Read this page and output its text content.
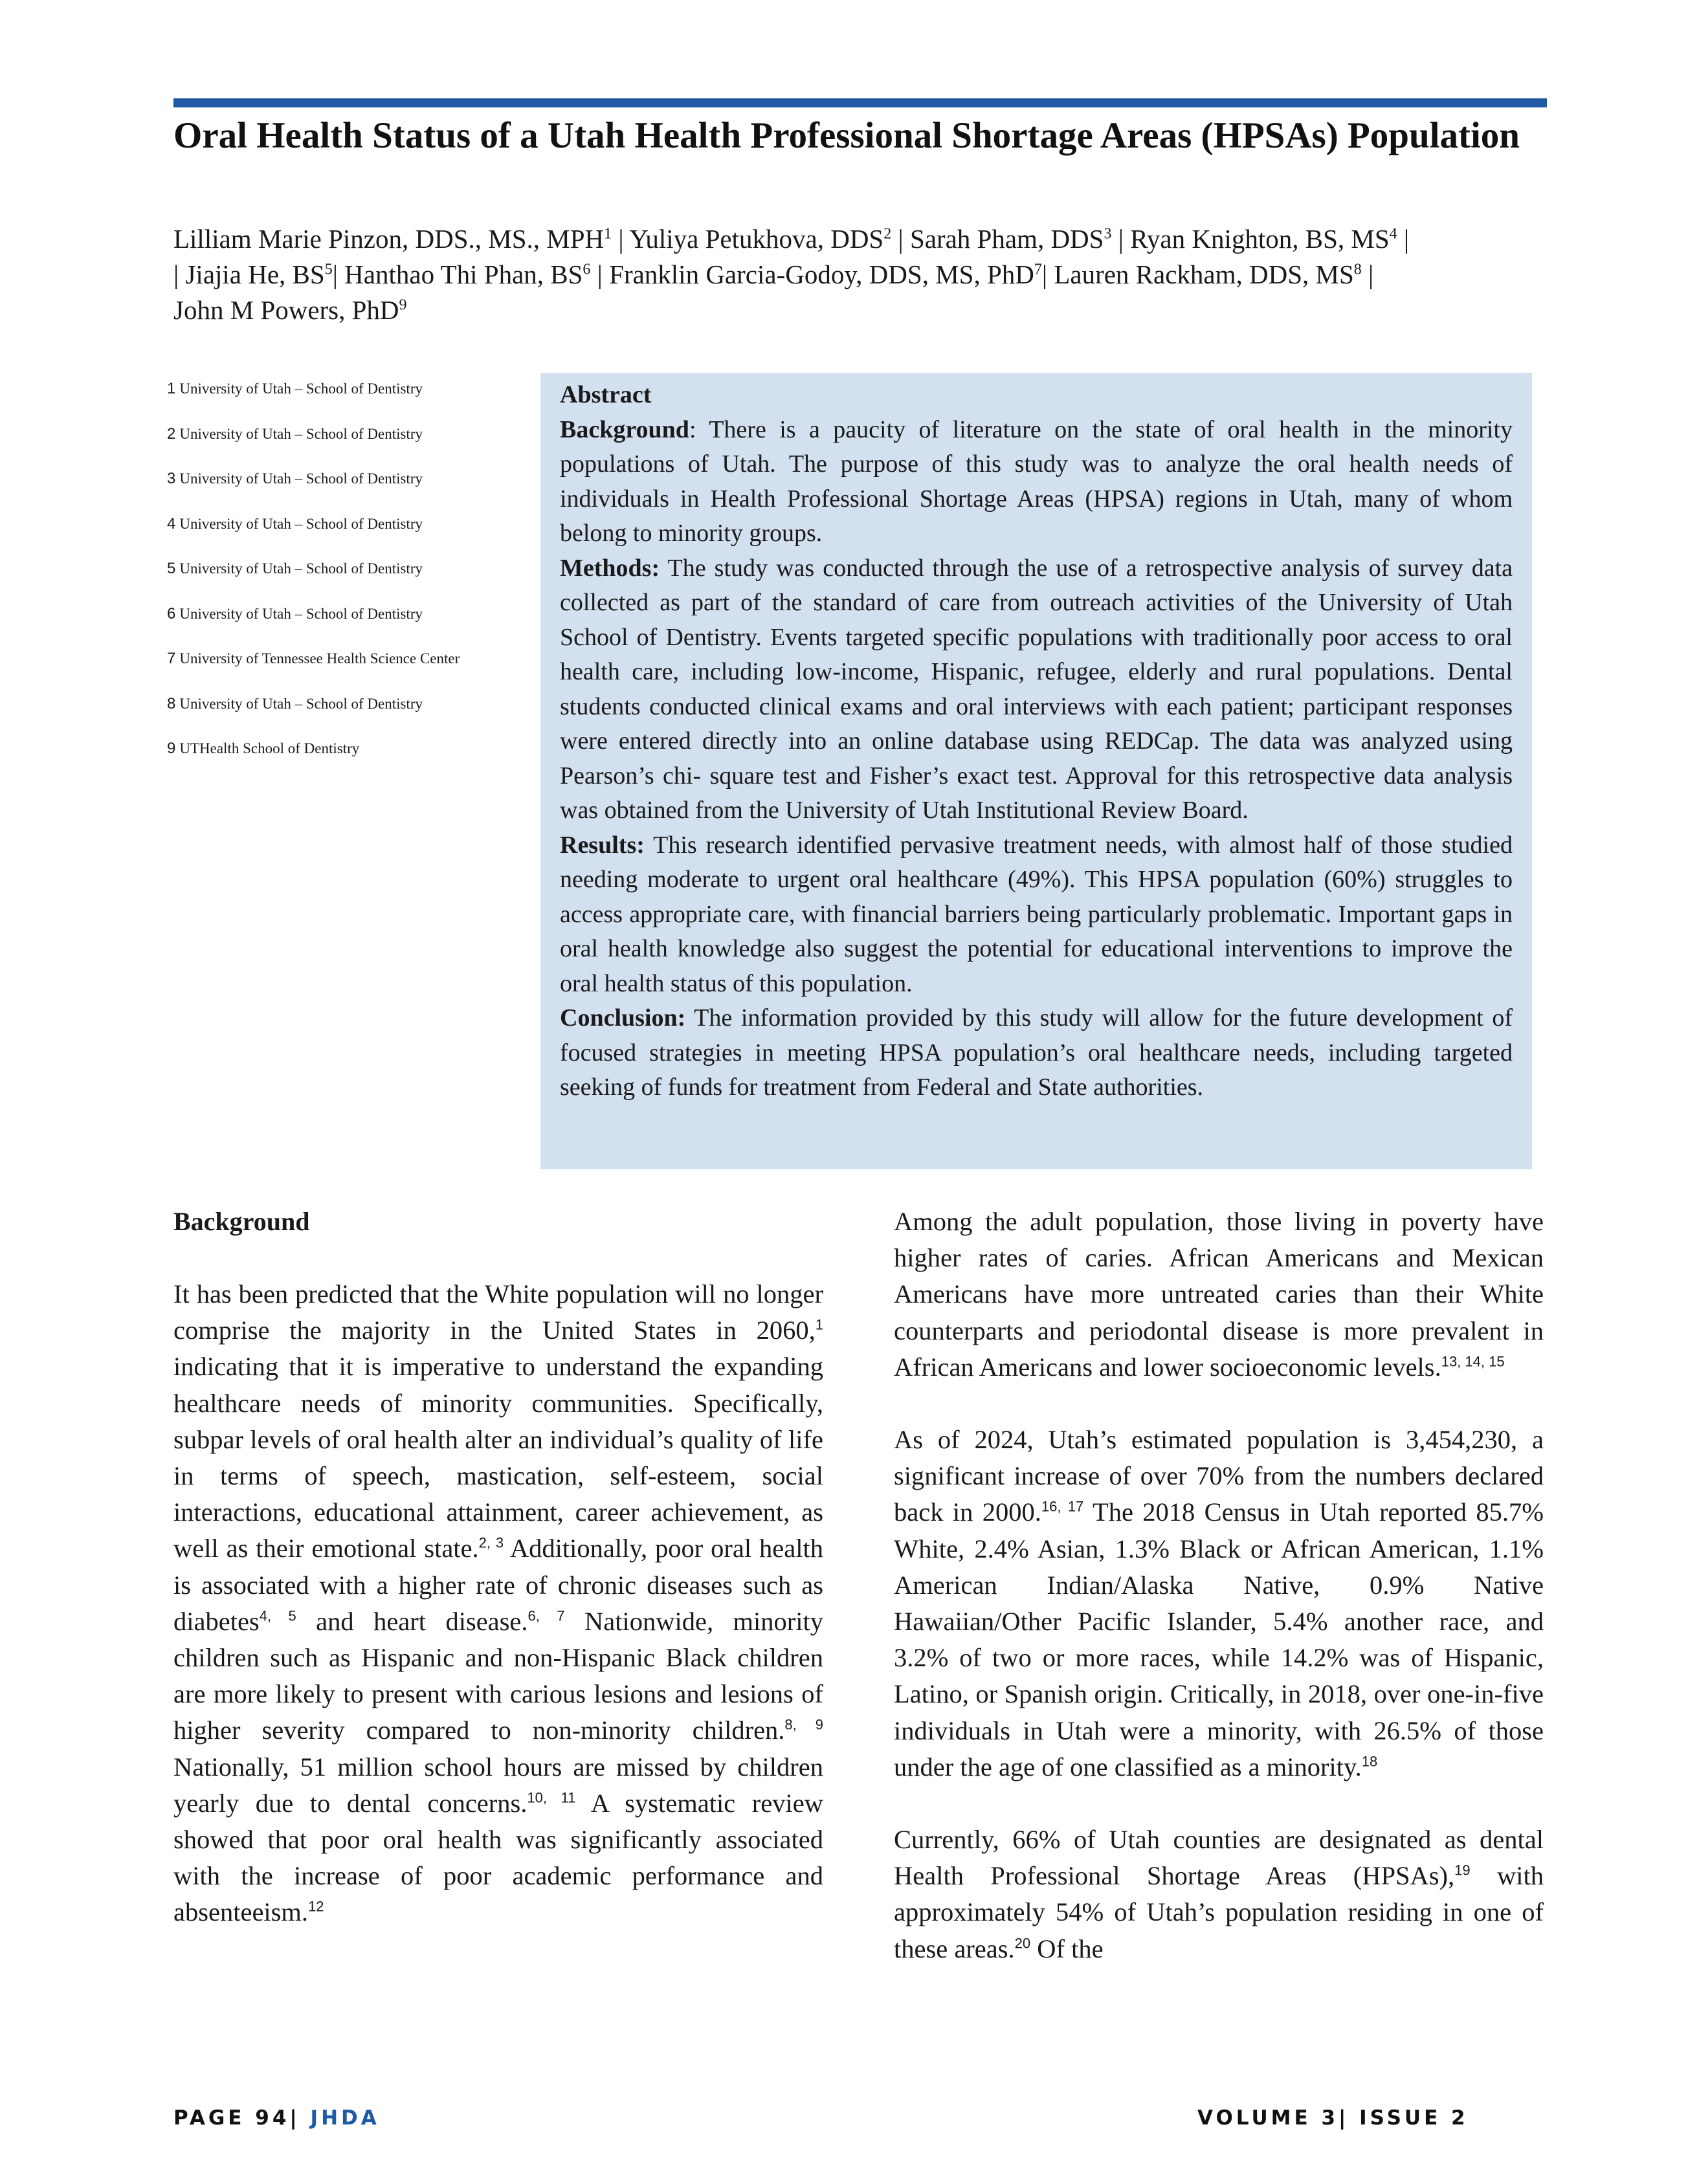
Oral Health Status of a Utah Health Professional Shortage Areas (HPSAs) Population
Lilliam Marie Pinzon, DDS., MS., MPH$^1$ | Yuliya Petukhova, DDS$^2$ | Sarah Pham, DDS$^3$ | Ryan Knighton, BS, $MS^4$ |
| Jiajia He, $BS^5|$ Hanthao Thi Phan, $BS^6$ | Franklin Garcia-Godoy, DDS, MS, PhD$^7$| Lauren Rackham, DDS, $MS^8$ |
John M Powers, PhD$^9$
1 University of Utah – School of Dentistry
2 University of Utah – School of Dentistry
3 University of Utah – School of Dentistry
4 University of Utah – School of Dentistry
5 University of Utah – School of Dentistry
6 University of Utah – School of Dentistry
7 University of Tennessee Health Science Center
8 University of Utah – School of Dentistry
9 UTHealth School of Dentistry

Abstract

Background: There is a paucity of literature on the state of oral health in the minority populations of Utah. The purpose of this study was to analyze the oral health needs of individuals in Health Professional Shortage Areas (HPSA) regions in Utah, many of whom belong to minority groups.

Methods: The study was conducted through the use of a retrospective analysis of survey data collected as part of the standard of care from outreach activities of the University of Utah School of Dentistry. Events targeted specific populations with traditionally poor access to oral health care, including low-income, Hispanic, refugee, elderly and rural populations. Dental students conducted clinical exams and oral interviews with each patient; participant responses were entered directly into an online database using REDCap. The data was analyzed using Pearson’s chi- square test and Fisher’s exact test. Approval for this retrospective data analysis was obtained from the University of Utah Institutional Review Board.

Results: This research identified pervasive treatment needs, with almost half of those studied needing moderate to urgent oral healthcare (49%). This HPSA population (60%) struggles to access appropriate care, with financial barriers being particularly problematic. Important gaps in oral health knowledge also suggest the potential for educational interventions to improve the oral health status of this population.

Conclusion: The information provided by this study will allow for the future development of focused strategies in meeting HPSA population’s oral healthcare needs, including targeted seeking of funds for treatment from Federal and State authorities.

Background

It has been predicted that the White population will no longer comprise the majority in the United States in 2060,$^1$ indicating that it is imperative to understand the expanding healthcare needs of minority communities. Specifically, subpar levels of oral health alter an individual’s quality of life in terms of speech, mastication, self-esteem, social interactions, educational attainment, career achievement, as well as their emotional state.$^{2, 3}$ Additionally, poor oral health is associated with a higher rate of chronic diseases such as diabetes$^{4, 5}$ and heart disease.$^{6, 7}$ Nationwide, minority children such as Hispanic and non-Hispanic Black children are more likely to present with carious lesions and lesions of higher severity compared to non-minority children.$^{8, 9}$ Nationally, 51 million school hours are missed by children yearly due to dental concerns.$^{10, 11}$ A systematic review showed that poor oral health was significantly associated with the increase of poor academic performance and absenteeism.$^{12}$

Among the adult population, those living in poverty have higher rates of caries. African Americans and Mexican Americans have more untreated caries than their White counterparts and periodontal disease is more prevalent in African Americans and lower socioeconomic levels.$^{13, 14, 15}$

As of 2024, Utah’s estimated population is 3,454,230, a significant increase of over 70% from the numbers declared back in 2000.$^{16, 17}$ The 2018 Census in Utah reported 85.7% White, 2.4% Asian, 1.3% Black or African American, 1.1% American Indian/Alaska Native, 0.9% Native Hawaiian/Other Pacific Islander, 5.4% another race, and 3.2% of two or more races, while 14.2% was of Hispanic, Latino, or Spanish origin. Critically, in 2018, over one-in-five individuals in Utah were a minority, with 26.5% of those under the age of one classified as a minority.$^{18}$

Currently, 66% of Utah counties are designated as dental Health Professional Shortage Areas (HPSAs),$^{19}$ with approximately 54% of Utah’s population residing in one of these areas.$^{20}$ Of the

PAGE 94| JHDA	VOLUME 3| ISSUE 2
